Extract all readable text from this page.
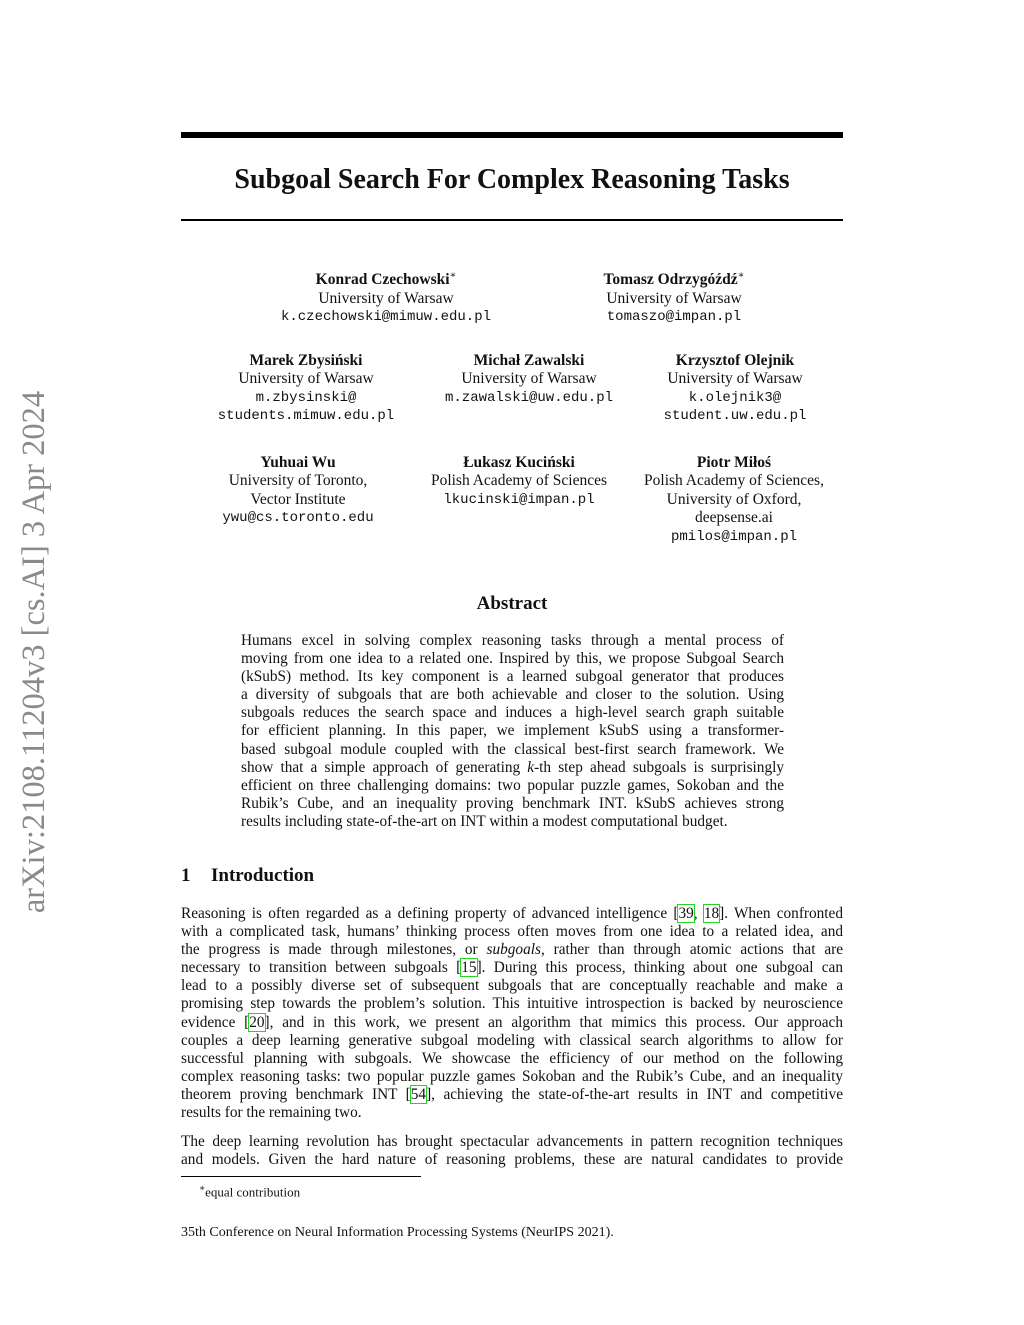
arXiv:2108.11204v3 [cs.AI] 3 Apr 2024
Subgoal Search For Complex Reasoning Tasks
Konrad Czechowski∗
University of Warsaw
k.czechowski@mimuw.edu.pl
Tomasz Odrzygóźdź∗
University of Warsaw
tomaszo@impan.pl
Marek Zbysiński
University of Warsaw
m.zbysinski@
students.mimuw.edu.pl
Michał Zawalski
University of Warsaw
m.zawalski@uw.edu.pl
Krzysztof Olejnik
University of Warsaw
k.olejnik3@
student.uw.edu.pl
Yuhuai Wu
University of Toronto,
Vector Institute
ywu@cs.toronto.edu
Łukasz Kuciński
Polish Academy of Sciences
lkucinski@impan.pl
Piotr Miłoś
Polish Academy of Sciences,
University of Oxford,
deepsense.ai
pmilos@impan.pl
Abstract
Humans excel in solving complex reasoning tasks through a mental process of
moving from one idea to a related one. Inspired by this, we propose Subgoal Search
(kSubS) method. Its key component is a learned subgoal generator that produces
a diversity of subgoals that are both achievable and closer to the solution. Using
subgoals reduces the search space and induces a high-level search graph suitable
for efficient planning. In this paper, we implement kSubS using a transformer-
based subgoal module coupled with the classical best-first search framework. We
show that a simple approach of generating k-th step ahead subgoals is surprisingly
efficient on three challenging domains: two popular puzzle games, Sokoban and the
Rubik’s Cube, and an inequality proving benchmark INT. kSubS achieves strong
results including state-of-the-art on INT within a modest computational budget.
1 Introduction
Reasoning is often regarded as a defining property of advanced intelligence [39, 18]. When confronted
with a complicated task, humans’ thinking process often moves from one idea to a related idea, and
the progress is made through milestones, or subgoals, rather than through atomic actions that are
necessary to transition between subgoals [15]. During this process, thinking about one subgoal can
lead to a possibly diverse set of subsequent subgoals that are conceptually reachable and make a
promising step towards the problem’s solution. This intuitive introspection is backed by neuroscience
evidence [20], and in this work, we present an algorithm that mimics this process. Our approach
couples a deep learning generative subgoal modeling with classical search algorithms to allow for
successful planning with subgoals. We showcase the efficiency of our method on the following
complex reasoning tasks: two popular puzzle games Sokoban and the Rubik’s Cube, and an inequality
theorem proving benchmark INT [54], achieving the state-of-the-art results in INT and competitive
results for the remaining two.
The deep learning revolution has brought spectacular advancements in pattern recognition techniques
and models. Given the hard nature of reasoning problems, these are natural candidates to provide
∗equal contribution
35th Conference on Neural Information Processing Systems (NeurIPS 2021).
